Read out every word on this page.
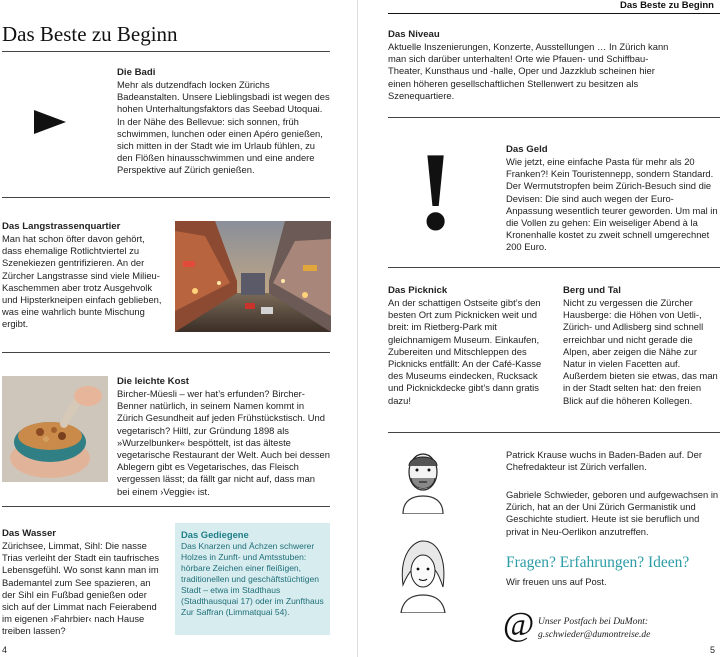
Das Beste zu Beginn

Die Badi

Mehr als dutzendfach locken Zürichs Badeanstalten. Unsere Lieblingsbadi ist wegen des hohen Unterhaltungsfaktors das Seebad Utoquai. In der Nähe des Bellevue: sich sonnen, früh schwimmen, lunchen oder einen Apéro genießen, sich mitten in der Stadt wie im Urlaub fühlen, zu den Flößen hinausschwimmen und eine andere Perspektive auf Zürich genießen.

Das Langstrassenquartier

Man hat schon öfter davon gehört, dass ehemalige Rotlichtviertel zu Szenekiezen gentrifizieren. An der Zürcher Langstrasse sind viele Milieu-Kaschemmen aber trotz Ausgehvolk und Hipsterkneipen einfach geblieben, was eine wahrlich bunte Mischung ergibt.

Die leichte Kost

Bircher-Müesli – wer hat’s erfunden? Bircher-Benner natürlich, in seinem Namen kommt in Zürich Gesundheit auf jeden Frühstückstisch. Und vegetarisch? Hiltl, zur Gründung 1898 als »Wurzelbunker« bespöttelt, ist das älteste vegetarische Restaurant der Welt. Auch bei dessen Ablegern gibt es Vegetarisches, das Fleisch vergessen lässt; da fällt gar nicht auf, dass man bei einem ›Veggie‹ ist.

Das Wasser

Zürichsee, Limmat, Sihl: Die nasse Trias verleiht der Stadt ein taufrisches Lebensgefühl. Wo sonst kann man im Bademantel zum See spazieren, an der Sihl ein Fußbad genießen oder sich auf der Limmat nach Feierabend im eigenen ›Fahrbier‹ nach Hause treiben lassen?

Das Gediegene

Das Knarzen und Ächzen schwerer Holzes in Zunft- und Amtsstuben: hörbare Zeichen einer fleißigen, traditionellen und geschäftstüchtigen Stadt – etwa im Stadthaus (Stadthausquai 17) oder im Zunfthaus Zur Saffran (Limmatquai 54).

4
Das Beste zu Beginn

Das Niveau

Aktuelle Inszenierungen, Konzerte, Ausstellungen … In Zürich kann man sich darüber unterhalten! Orte wie Pfauen- und Schiffbau-Theater, Kunsthaus und -halle, Oper und Jazzklub scheinen hier einen höheren gesellschaftlichen Stellenwert zu besitzen als Szenequartiere.

!	Das Geld

Wie jetzt, eine einfache Pasta für mehr als 20 Franken?! Kein Touristennepp, sondern Standard. Der Wermutstropfen beim Zürich-Besuch sind die Devisen: Die sind auch wegen der Euro-Anpassung wesentlich teurer geworden. Um mal in die Vollen zu gehen: Ein weiseliger Abend à la Kronenhalle kostet zu zweit schnell umgerechnet 200 Euro.

Das Picknick

An der schattigen Ostseite gibt’s den besten Ort zum Picknicken weit und breit: im Rietberg-Park mit gleichnamigem Museum. Einkaufen, Zubereiten und Mitschleppen des Picknicks entfällt: An der Café-Kasse des Museums eindecken, Rucksack und Picknickdecke gibt’s dann gratis dazu!

Berg und Tal

Nicht zu vergessen die Zürcher Hausberge: die Höhen von Uetli-, Zürich- und Adlisberg sind schnell erreichbar und nicht gerade die Alpen, aber zeigen die Nähe zur Natur in vielen Facetten auf. Außerdem bieten sie etwas, das man in der Stadt selten hat: den freien Blick auf die höheren Kollegen.

Patrick Krause wuchs in Baden-Baden auf. Der Chefredakteur ist Zürich verfallen.
Gabriele Schwieder, geboren und aufgewachsen in Zürich, hat an der Uni Zürich Germanistik und Geschichte studiert. Heute ist sie beruflich und privat in Neu-Oerlikon anzutreffen.
Fragen? Erfahrungen? Ideen?
Wir freuen uns auf Post.
@ Unser Postfach bei DuMont:
g.schwieder@dumontreise.de
5
